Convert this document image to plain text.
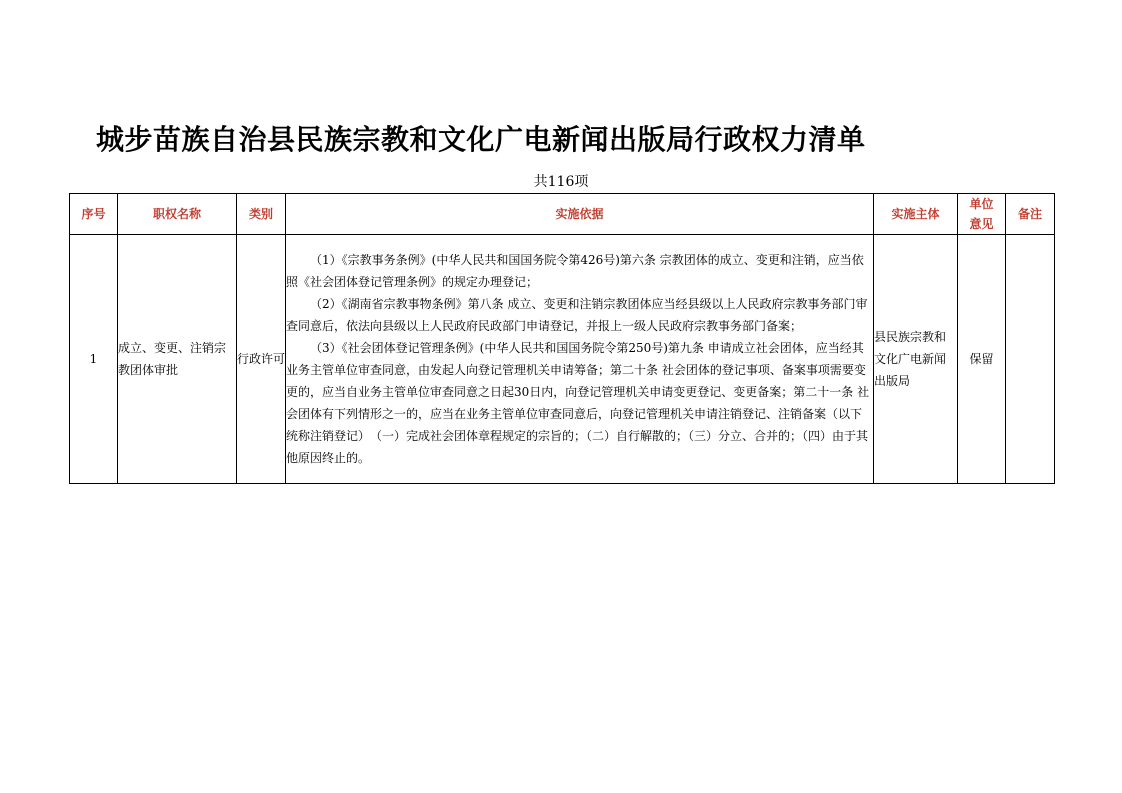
城步苗族自治县民族宗教和文化广电新闻出版局行政权力清单
共116项
序号	职权名称	类别	实施依据	实施主体	单位意见	备注
1	成立、变更、注销宗教团体审批	行政许可	（1）《宗教事务条例》(中华人民共和国国务院令第426号)第六条 宗教团体的成立、变更和注销，应当依照《社会团体登记管理条例》的规定办理登记；

（2）《湖南省宗教事物条例》第八条 成立、变更和注销宗教团体应当经县级以上人民政府宗教事务部门审查同意后，依法向县级以上人民政府民政部门申请登记，并报上一级人民政府宗教事务部门备案；

（3）《社会团体登记管理条例》(中华人民共和国国务院令第250号)第九条 申请成立社会团体，应当经其业务主管单位审查同意，由发起人向登记管理机关申请筹备；第二十条 社会团体的登记事项、备案事项需要变更的，应当自业务主管单位审查同意之日起30日内，向登记管理机关申请变更登记、变更备案；第二十一条 社会团体有下列情形之一的，应当在业务主管单位审查同意后，向登记管理机关申请注销登记、注销备案（以下统称注销登记）　（一）完成社会团体章程规定的宗旨的；（二）自行解散的；（三）分立、合并的；（四）由于其他原因终止的。	县民族宗教和文化广电新闻出版局	保留	
